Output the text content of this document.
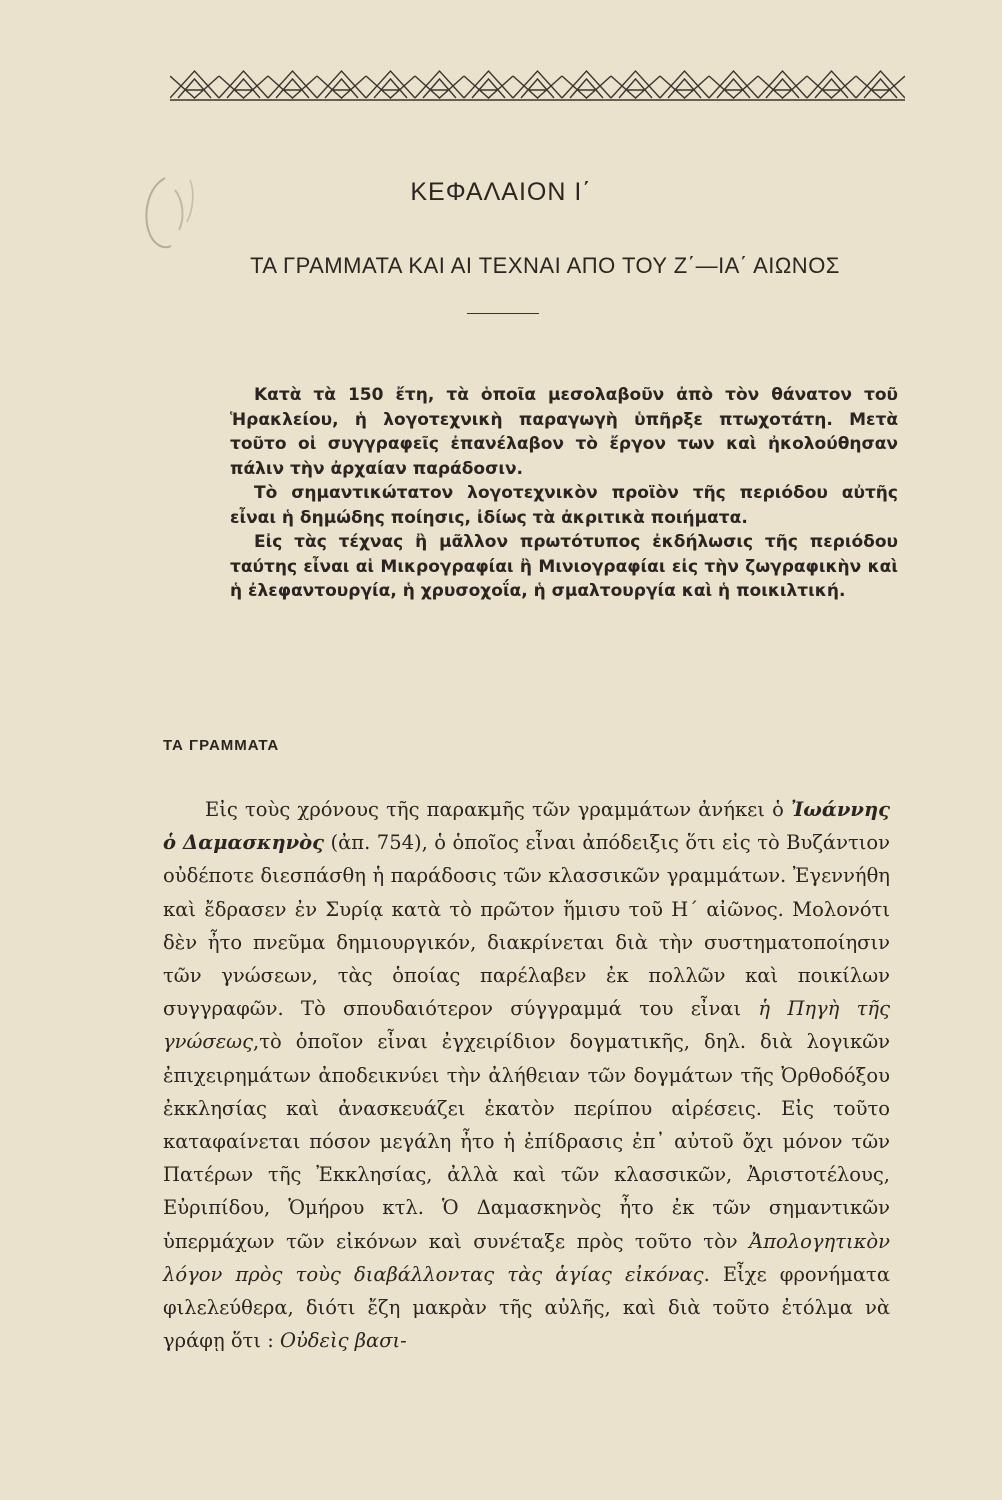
ΚΕΦΑΛΑΙΟΝ Ι΄
ΤΑ ΓΡΑΜΜΑΤΑ ΚΑΙ ΑΙ ΤΕΧΝΑΙ ΑΠΟ ΤΟΥ Ζ΄—ΙΑ΄ ΑΙΩΝΟΣ

Κατὰ τὰ 150 ἔτη, τὰ ὁποῖα μεσολαβοῦν ἀπὸ τὸν θάνατον τοῦ Ἡρακλείου, ἡ λογοτεχνικὴ παραγωγὴ ὑπῆρξε πτωχοτάτη. Μετὰ τοῦτο οἱ συγγραφεῖς ἐπανέλαβον τὸ ἔργον των καὶ ἠκολούθησαν πάλιν τὴν ἀρχαίαν παράδοσιν.

Τὸ σημαντικώτατον λογοτεχνικὸν προϊὸν τῆς περιόδου αὐτῆς εἶναι ἡ δημώδης ποίησις, ἰδίως τὰ ἀκριτικὰ ποιήματα.

Εἰς τὰς τέχνας ἢ μᾶλλον πρωτότυπος ἐκδήλωσις τῆς περιόδου ταύτης εἶναι αἱ Μικρογραφίαι ἢ Μινιογραφίαι εἰς τὴν ζωγραφικὴν καὶ ἡ ἐλεφαντουργία, ἡ χρυσοχοΐα, ἡ σμαλτουργία καὶ ἡ ποικιλτική.

ΤΑ ΓΡΑΜΜΑΤΑ

Εἰς τοὺς χρόνους τῆς παρακμῆς τῶν γραμμάτων ἀνήκει ὁ Ἰωάννης ὁ Δαμασκηνὸς (ἀπ. 754), ὁ ὁποῖος εἶναι ἀπόδειξις ὅτι εἰς τὸ Βυζάντιον οὐδέποτε διεσπάσθη ἡ παράδοσις τῶν κλασσικῶν γραμμάτων. Ἐγεννήθη καὶ ἔδρασεν ἐν Συρίᾳ κατὰ τὸ πρῶτον ἥμισυ τοῦ Η΄ αἰῶνος. Μολονότι δὲν ἦτο πνεῦμα δημιουργικόν, διακρίνεται διὰ τὴν συστηματοποίησιν τῶν γνώσεων, τὰς ὁποίας παρέλαβεν ἐκ πολλῶν καὶ ποικίλων συγγραφῶν. Τὸ σπουδαιότερον σύγγραμμά του εἶναι ἡ Πηγὴ τῆς γνώσεως,τὸ ὁποῖον εἶναι ἐγχειρίδιον δογματικῆς, δηλ. διὰ λογικῶν ἐπιχειρημάτων ἀποδεικνύει τὴν ἀλήθειαν τῶν δογμάτων τῆς Ὀρθοδόξου ἐκκλησίας καὶ ἀνασκευάζει ἑκατὸν περίπου αἱρέσεις. Εἰς τοῦτο καταφαίνεται πόσον μεγάλη ἦτο ἡ ἐπίδρασις ἐπ᾽ αὐτοῦ ὄχι μόνον τῶν Πατέρων τῆς Ἐκκλησίας, ἀλλὰ καὶ τῶν κλασσικῶν, Ἀριστοτέλους, Εὐριπίδου, Ὁμήρου κτλ. Ὁ Δαμασκηνὸς ἦτο ἐκ τῶν σημαντικῶν ὑπερμάχων τῶν εἰκόνων καὶ συνέταξε πρὸς τοῦτο τὸν Ἀπολογητικὸν λόγον πρὸς τοὺς διαβάλλοντας τὰς ἁγίας εἰκόνας. Εἶχε φρονήματα φιλελεύθερα, διότι ἔζη μακρὰν τῆς αὐλῆς, καὶ διὰ τοῦτο ἐτόλμα νὰ γράφῃ ὅτι : Οὐδεὶς βασι-
